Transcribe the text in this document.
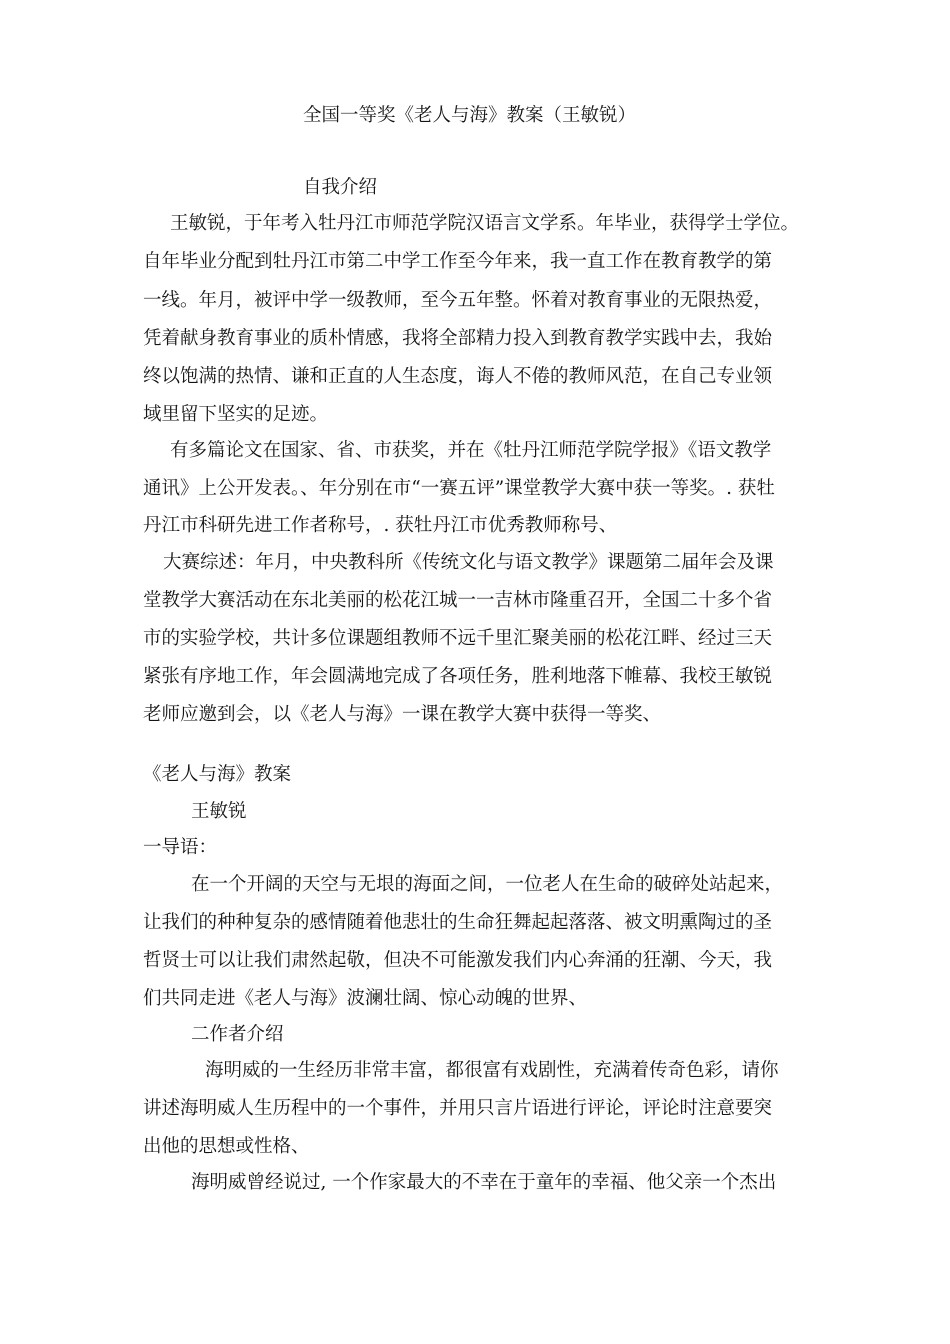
全国一等奖《老人与海》教案（王敏锐）
自我介绍
王敏锐，于年考入牡丹江市师范学院汉语言文学系。年毕业，获得学士学位。
自年毕业分配到牡丹江市第二中学工作至今年来，我一直工作在教育教学的第
一线。年月，被评中学一级教师，至今五年整。怀着对教育事业的无限热爱，
凭着献身教育事业的质朴情感，我将全部精力投入到教育教学实践中去，我始
终以饱满的热情、谦和正直的人生态度，诲人不倦的教师风范，在自己专业领
域里留下坚实的足迹。
有多篇论文在国家、省、市获奖，并在《牡丹江师范学院学报》《语文教学
通讯》上公开发表。、年分别在市“一赛五评”课堂教学大赛中获一等奖。. 获牡
丹江市科研先进工作者称号，. 获牡丹江市优秀教师称号、
大赛综述：年月，中央教科所《传统文化与语文教学》课题第二届年会及课
堂教学大赛活动在东北美丽的松花江城一一吉林市隆重召开，全国二十多个省
市的实验学校，共计多位课题组教师不远千里汇聚美丽的松花江畔、经过三天
紧张有序地工作，年会圆满地完成了各项任务，胜利地落下帷幕、我校王敏锐
老师应邀到会，以《老人与海》一课在教学大赛中获得一等奖、
《老人与海》教案
王敏锐
一导语：
在一个开阔的天空与无垠的海面之间，一位老人在生命的破碎处站起来，
让我们的种种复杂的感情随着他悲壮的生命狂舞起起落落、被文明熏陶过的圣
哲贤士可以让我们肃然起敬，但决不可能激发我们内心奔涌的狂潮、今天，我
们共同走进《老人与海》波澜壮阔、惊心动魄的世界、
二作者介绍
海明威的一生经历非常丰富，都很富有戏剧性，充满着传奇色彩，请你
讲述海明威人生历程中的一个事件，并用只言片语进行评论，评论时注意要突
出他的思想或性格、
海明威曾经说过, 一个作家最大的不幸在于童年的幸福、他父亲一个杰出
